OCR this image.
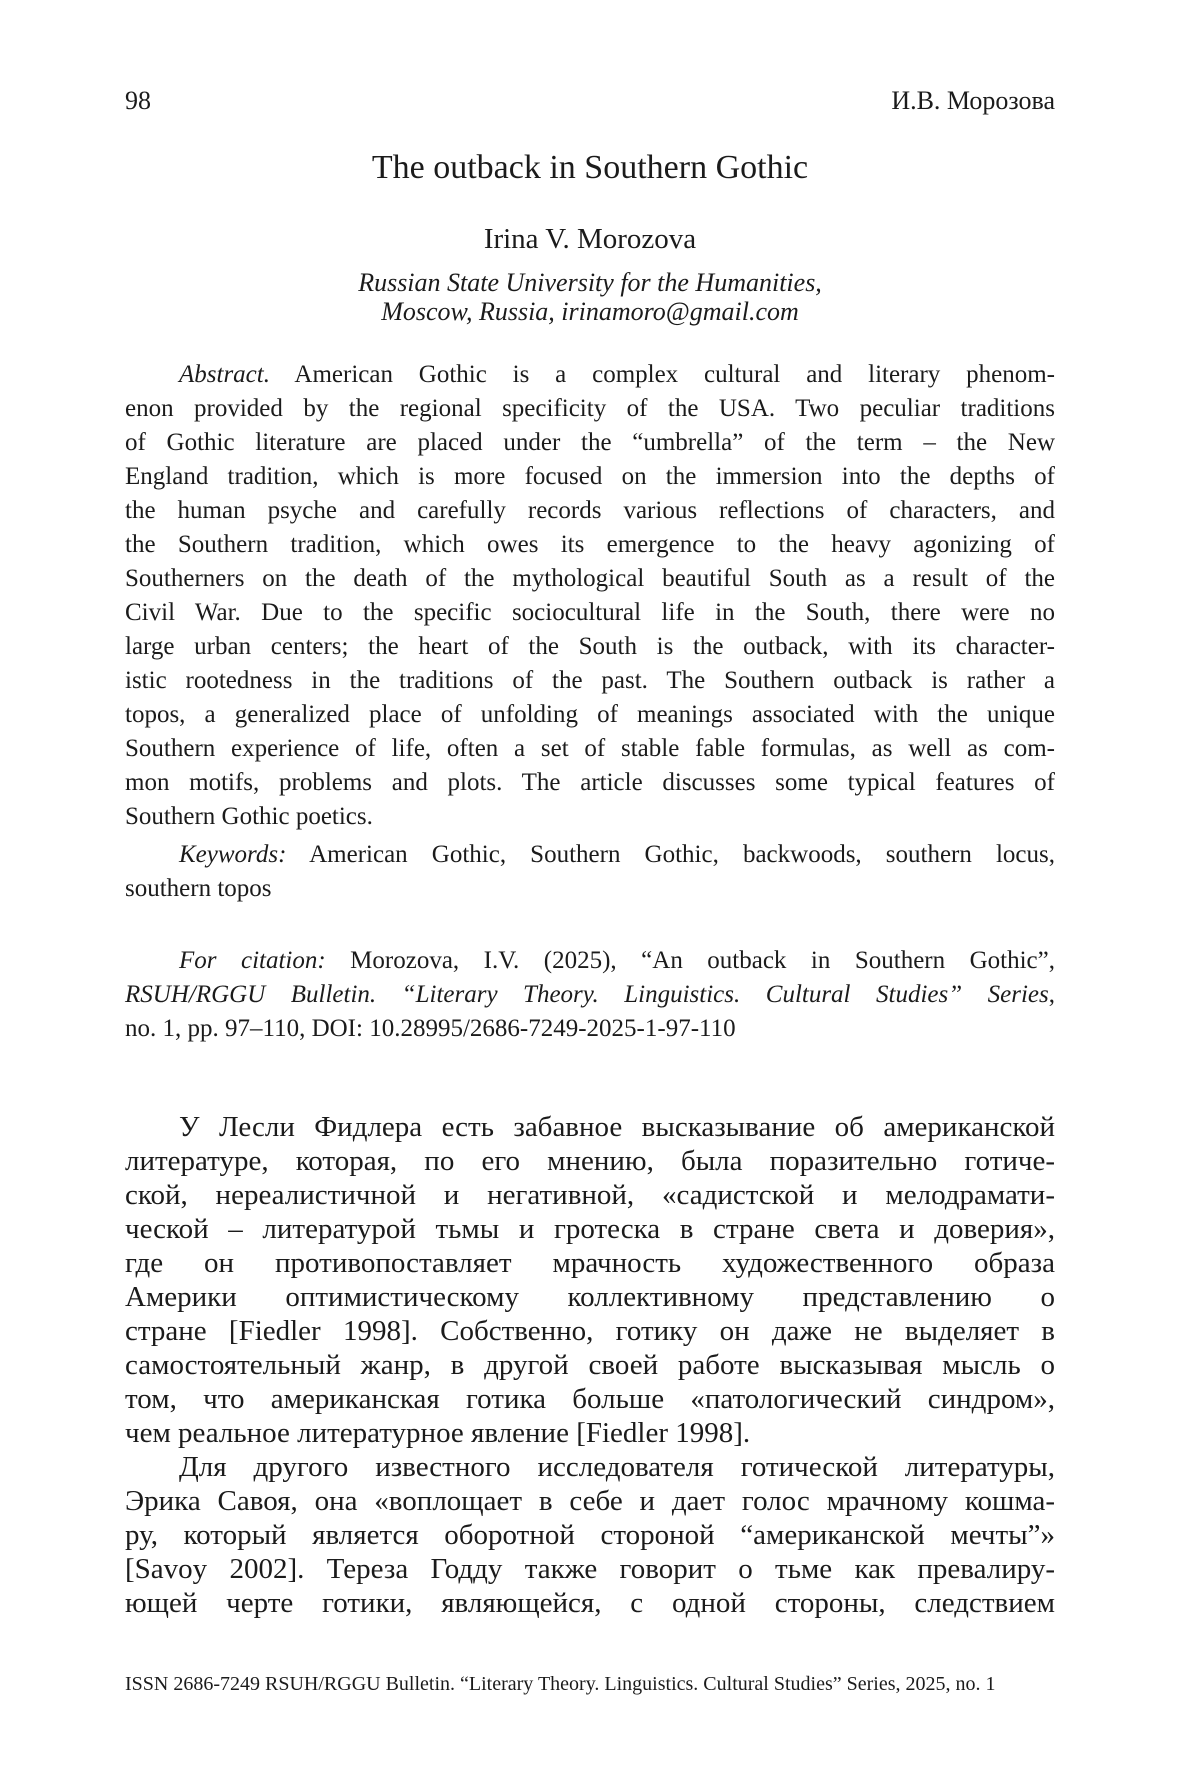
98	И.В. Морозова
The outback in Southern Gothic
Irina V. Morozova
Russian State University for the Humanities,
Moscow, Russia, irinamoro@gmail.com
Abstract. American Gothic is a complex cultural and literary phenom-
enon provided by the regional specificity of the USA. Two peculiar traditions
of Gothic literature are placed under the “umbrella” of the term – the New
England tradition, which is more focused on the immersion into the depths of
the human psyche and carefully records various reflections of characters, and
the Southern tradition, which owes its emergence to the heavy agonizing of
Southerners on the death of the mythological beautiful South as a result of the
Civil War. Due to the specific sociocultural life in the South, there were no
large urban centers; the heart of the South is the outback, with its character-
istic rootedness in the traditions of the past. The Southern outback is rather a
topos, a generalized place of unfolding of meanings associated with the unique
Southern experience of life, often a set of stable fable formulas, as well as com-
mon motifs, problems and plots. The article discusses some typical features of
Southern Gothic poetics.
Keywords: American Gothic, Southern Gothic, backwoods, southern locus,
southern topos
For citation: Morozova, I.V. (2025), “An outback in Southern Gothic”,
RSUH/RGGU Bulletin. “Literary Theory. Linguistics. Cultural Studies” Series,
no. 1, pp. 97–110, DOI: 10.28995/2686-7249-2025-1-97-110
У Лесли Фидлера есть забавное высказывание об американской
литературе, которая, по его мнению, была поразительно готиче-
ской, нереалистичной и негативной, «садистской и мелодрамати-
ческой – литературой тьмы и гротеска в стране света и доверия»,
где он противопоставляет мрачность художественного образа
Америки оптимистическому коллективному представлению о
стране [Fiedler 1998]. Собственно, готику он даже не выделяет в
самостоятельный жанр, в другой своей работе высказывая мысль о
том, что американская готика больше «патологический синдром»,
чем реальное литературное явление [Fiedler 1998].
Для другого известного исследователя готической литературы,
Эрика Савоя, она «воплощает в себе и дает голос мрачному кошма-
ру, который является оборотной стороной “американской мечты”»
[Savoy 2002]. Тереза Годду также говорит о тьме как превалиру-
ющей черте готики, являющейся, с одной стороны, следствием
ISSN 2686-7249 RSUH/RGGU Bulletin. “Literary Theory. Linguistics. Cultural Studies” Series, 2025, no. 1
